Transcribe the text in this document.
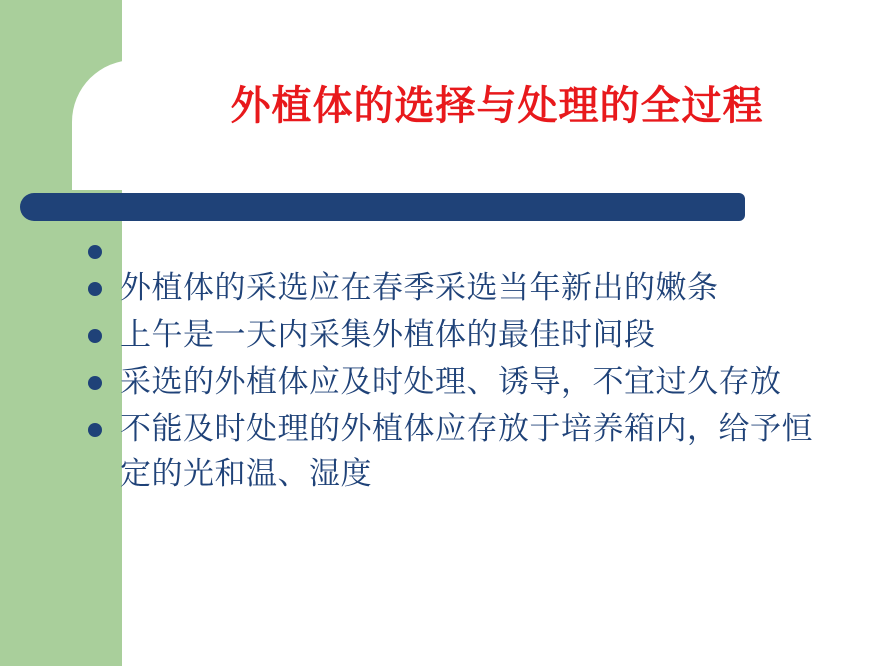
外植体的选择与处理的全过程
外植体的采选应在春季采选当年新出的嫩条
上午是一天内采集外植体的最佳时间段
采选的外植体应及时处理、诱导，不宜过久存放
不能及时处理的外植体应存放于培养箱内，给予恒定的光和温、湿度
